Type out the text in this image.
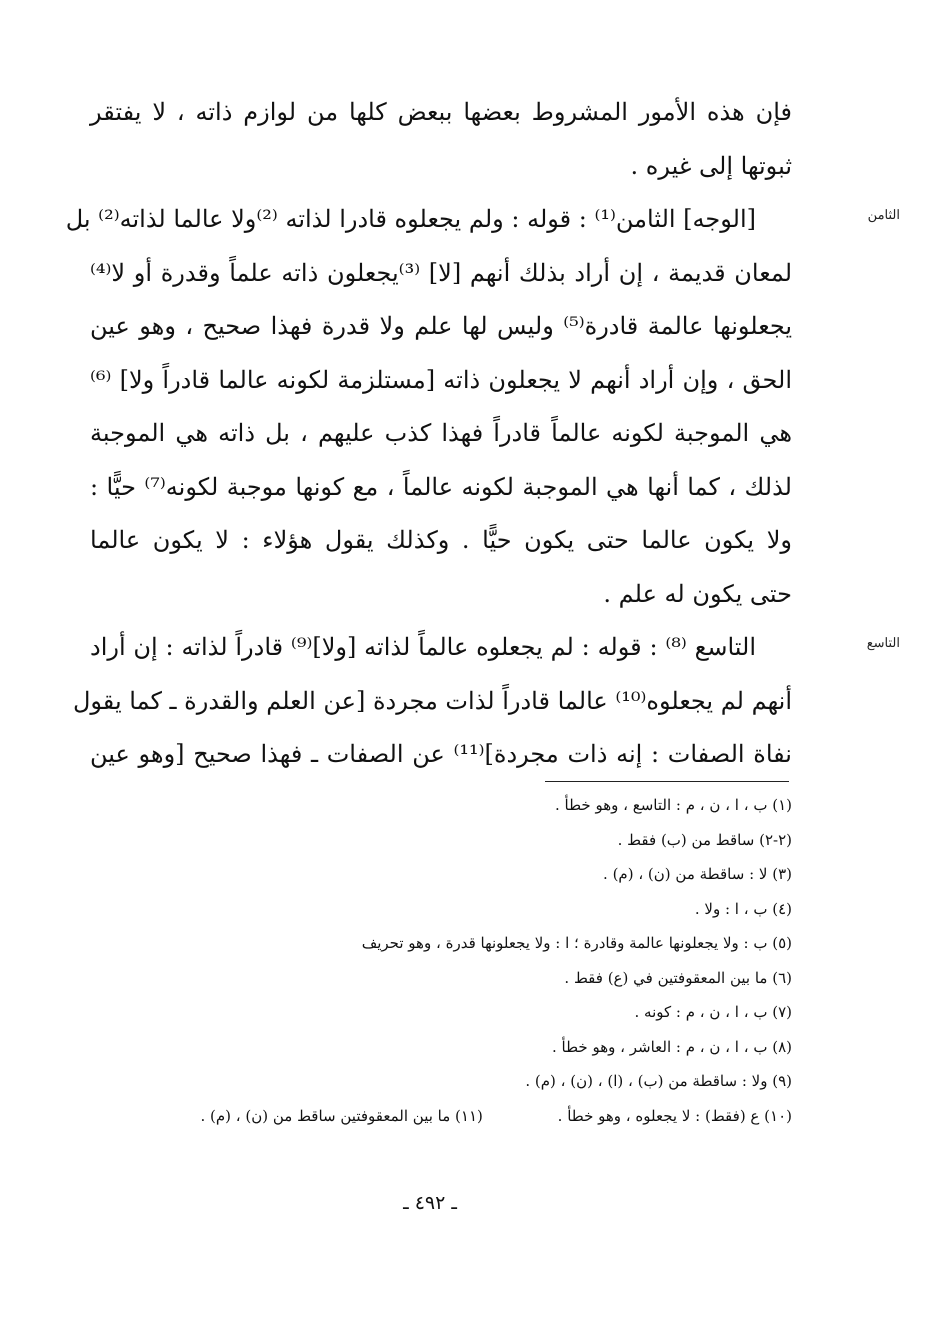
فإن هذه الأمور المشروط بعضها ببعض كلها من لوازم ذاته ، لا يفتقر
ثبوتها إلى غيره .
[الوجه] الثامن⁽¹⁾ : قوله : ولم يجعلوه قادرا لذاته ⁽²⁾ولا عالما لذاته⁽²⁾ بل
لمعان قديمة ، إن أراد بذلك أنهم [لا] ⁽³⁾يجعلون ذاته علماً وقدرة أو لا⁽⁴⁾
يجعلونها عالمة قادرة⁽⁵⁾ وليس لها علم ولا قدرة فهذا صحيح ، وهو عين
الحق ، وإن أراد أنهم لا يجعلون ذاته [مستلزمة لكونه عالما قادراً ولا] ⁽⁶⁾
هي الموجبة لكونه عالماً قادراً فهذا كذب عليهم ، بل ذاته هي الموجبة
لذلك ، كما أنها هي الموجبة لكونه عالماً ، مع كونها موجبة لكونه⁽⁷⁾ حيًّا :
ولا يكون عالما حتى يكون حيًّا . وكذلك يقول هؤلاء : لا يكون عالما
حتى يكون له علم .
التاسع ⁽⁸⁾ : قوله : لم يجعلوه عالماً لذاته [ولا]⁽⁹⁾ قادراً لذاته : إن أراد
أنهم لم يجعلوه⁽¹⁰⁾ عالما قادراً لذات مجردة [عن العلم والقدرة ـ كما يقول
نفاة الصفات : إنه ذات مجردة]⁽¹¹⁾ عن الصفات ـ فهذا صحيح [وهو عين
الثامن
التاسع
(١) ب ، ا ، ن ، م : التاسع ، وهو خطأ .
(٢-٢) ساقط من (ب) فقط .
(٣) لا : ساقطة من (ن) ، (م) .
(٤) ب ، ا : ولا .
(٥) ب : ولا يجعلونها عالمة وقادرة ؛ ا : ولا يجعلونها قدرة ، وهو تحريف
(٦) ما بين المعقوفتين في (ع) فقط .
(٧) ب ، ا ، ن ، م : كونه .
(٨) ب ، ا ، ن ، م : العاشر ، وهو خطأ .
(٩) ولا : ساقطة من (ب) ، (ا) ، (ن) ، (م) .
(١٠) ع (فقط) : لا يجعلوه ، وهو خطأ . (١١) ما بين المعقوفتين ساقط من (ن) ، (م) .
ـ ٤٩٢ ـ
